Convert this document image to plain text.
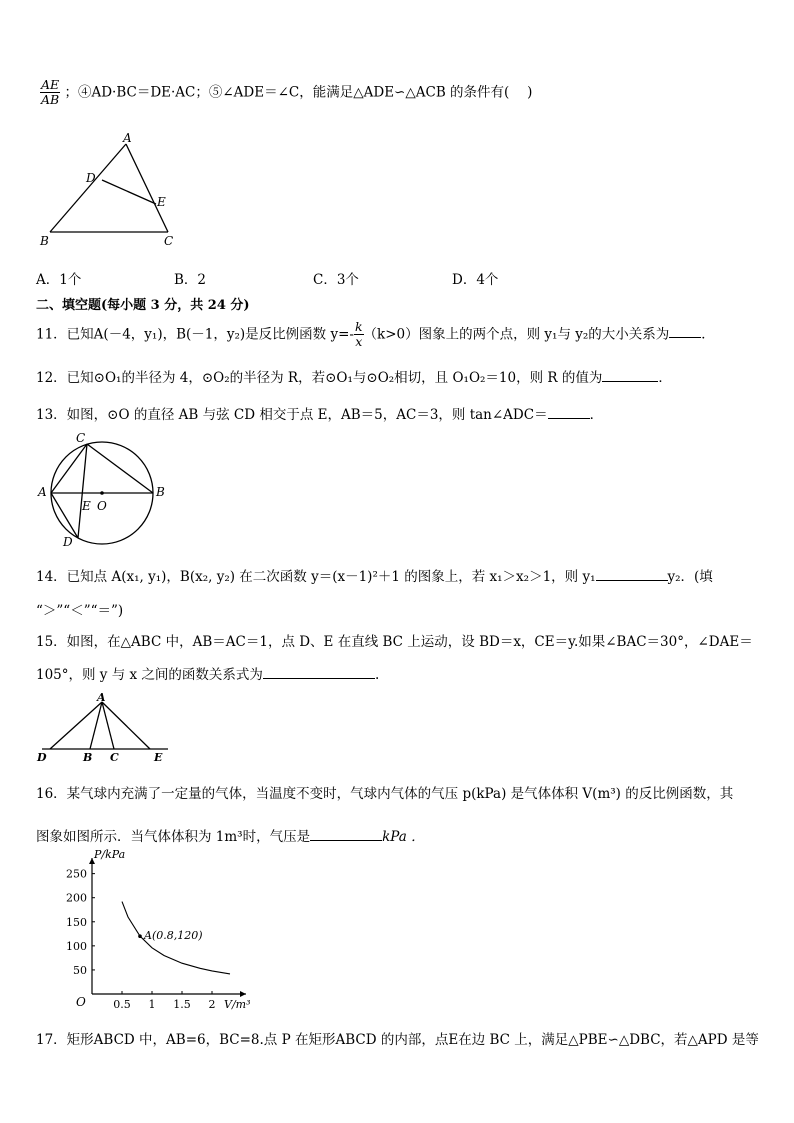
$\frac{AE}{AB}$ ；④AD·BC＝DE·AC；⑤∠ADE＝∠C，能满足△ADE∽△ACB 的条件有(　 )
A
D
E
B	C
A．1个	B．2	C．3个	D．4个
二、填空题(每小题 3 分，共 24 分)
11．已知A(－4，y₁)，B(－1，y₂)是反比例函数 $y=- \frac{k}{x} (k>0)$图象上的两个点，则 y₁与 y₂的大小关系为 ．
12．已知⊙O₁的半径为 4，⊙O₂的半径为 R，若⊙O₁与⊙O₂相切，且 O₁O₂＝10，则 R 的值为	．
13．如图，⊙O 的直径 AB 与弦 CD 相交于点 E，AB＝5，AC＝3，则 tan∠ADC＝	．
C
A	B
E O
D
14．已知点 A(x₁, y₁)，B(x₂, y₂) 在二次函数 y＝(x－1)²＋1 的图象上，若 x₁＞x₂＞1，则 y₁	y₂．(填
“＞”“＜”“＝”)
15．如图，在△ABC 中，AB＝AC＝1，点 D、E 在直线 BC 上运动，设 BD＝x，CE＝y.如果∠BAC＝30°，∠DAE＝
105°，则 y 与 x 之间的函数关系式为	.
A
D	B C	E
16．某气球内充满了一定量的气体，当温度不变时，气球内气体的气压 p(kPa) 是气体体积 V(m³) 的反比例函数，其
图象如图所示．当气体体积为 1m³时，气压是	kPa ．
0.5 1 1.5 2
50
100
150
200
250
A(0.8,120)
P/kPa
V/m³
O
17．矩形ABCD 中，AB=6，BC=8.点 P 在矩形ABCD 的内部，点E在边 BC 上，满足△PBE∽△DBC，若△APD 是等
